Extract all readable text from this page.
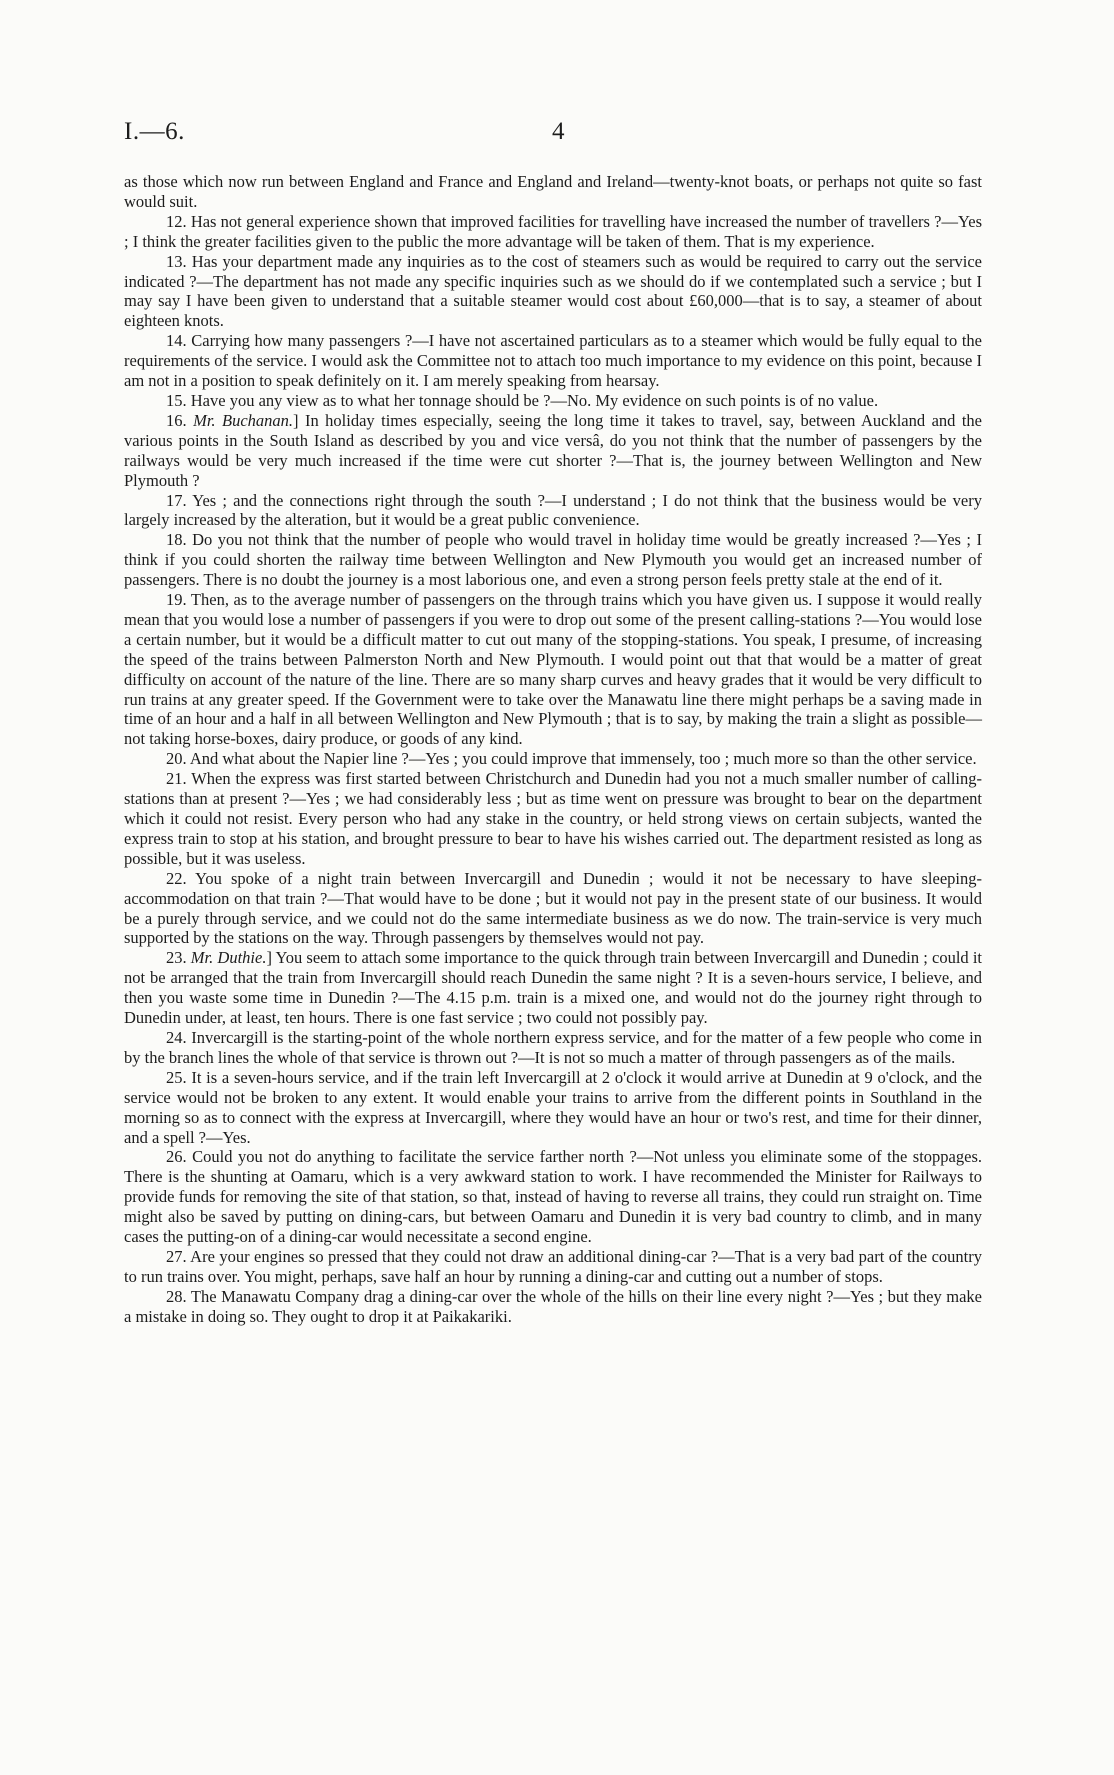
I.—6.	4

as those which now run between England and France and England and Ireland—twenty-knot boats, or perhaps not quite so fast would suit.

12. Has not general experience shown that improved facilities for travelling have increased the number of travellers ?—Yes ; I think the greater facilities given to the public the more advantage will be taken of them. That is my experience.

13. Has your department made any inquiries as to the cost of steamers such as would be required to carry out the service indicated ?—The department has not made any specific inquiries such as we should do if we contemplated such a service ; but I may say I have been given to understand that a suitable steamer would cost about £60,000—that is to say, a steamer of about eighteen knots.

14. Carrying how many passengers ?—I have not ascertained particulars as to a steamer which would be fully equal to the requirements of the service. I would ask the Committee not to attach too much importance to my evidence on this point, because I am not in a position to speak definitely on it. I am merely speaking from hearsay.

15. Have you any view as to what her tonnage should be ?—No. My evidence on such points is of no value.

16. Mr. Buchanan.] In holiday times especially, seeing the long time it takes to travel, say, between Auckland and the various points in the South Island as described by you and vice versâ, do you not think that the number of passengers by the railways would be very much increased if the time were cut shorter ?—That is, the journey between Wellington and New Plymouth ?

17. Yes ; and the connections right through the south ?—I understand ; I do not think that the business would be very largely increased by the alteration, but it would be a great public convenience.

18. Do you not think that the number of people who would travel in holiday time would be greatly increased ?—Yes ; I think if you could shorten the railway time between Wellington and New Plymouth you would get an increased number of passengers. There is no doubt the journey is a most laborious one, and even a strong person feels pretty stale at the end of it.

19. Then, as to the average number of passengers on the through trains which you have given us. I suppose it would really mean that you would lose a number of passengers if you were to drop out some of the present calling-stations ?—You would lose a certain number, but it would be a difficult matter to cut out many of the stopping-stations. You speak, I presume, of increasing the speed of the trains between Palmerston North and New Plymouth. I would point out that that would be a matter of great difficulty on account of the nature of the line. There are so many sharp curves and heavy grades that it would be very difficult to run trains at any greater speed. If the Government were to take over the Manawatu line there might perhaps be a saving made in time of an hour and a half in all between Wellington and New Plymouth ; that is to say, by making the train a slight as possible—not taking horse-boxes, dairy produce, or goods of any kind.

20. And what about the Napier line ?—Yes ; you could improve that immensely, too ; much more so than the other service.

21. When the express was first started between Christchurch and Dunedin had you not a much smaller number of calling-stations than at present ?—Yes ; we had considerably less ; but as time went on pressure was brought to bear on the department which it could not resist. Every person who had any stake in the country, or held strong views on certain subjects, wanted the express train to stop at his station, and brought pressure to bear to have his wishes carried out. The department resisted as long as possible, but it was useless.

22. You spoke of a night train between Invercargill and Dunedin ; would it not be necessary to have sleeping-accommodation on that train ?—That would have to be done ; but it would not pay in the present state of our business. It would be a purely through service, and we could not do the same intermediate business as we do now. The train-service is very much supported by the stations on the way. Through passengers by themselves would not pay.

23. Mr. Duthie.] You seem to attach some importance to the quick through train between Invercargill and Dunedin ; could it not be arranged that the train from Invercargill should reach Dunedin the same night ? It is a seven-hours service, I believe, and then you waste some time in Dunedin ?—The 4.15 p.m. train is a mixed one, and would not do the journey right through to Dunedin under, at least, ten hours. There is one fast service ; two could not possibly pay.

24. Invercargill is the starting-point of the whole northern express service, and for the matter of a few people who come in by the branch lines the whole of that service is thrown out ?—It is not so much a matter of through passengers as of the mails.

25. It is a seven-hours service, and if the train left Invercargill at 2 o'clock it would arrive at Dunedin at 9 o'clock, and the service would not be broken to any extent. It would enable your trains to arrive from the different points in Southland in the morning so as to connect with the express at Invercargill, where they would have an hour or two's rest, and time for their dinner, and a spell ?—Yes.

26. Could you not do anything to facilitate the service farther north ?—Not unless you eliminate some of the stoppages. There is the shunting at Oamaru, which is a very awkward station to work. I have recommended the Minister for Railways to provide funds for removing the site of that station, so that, instead of having to reverse all trains, they could run straight on. Time might also be saved by putting on dining-cars, but between Oamaru and Dunedin it is very bad country to climb, and in many cases the putting-on of a dining-car would necessitate a second engine.

27. Are your engines so pressed that they could not draw an additional dining-car ?—That is a very bad part of the country to run trains over. You might, perhaps, save half an hour by running a dining-car and cutting out a number of stops.

28. The Manawatu Company drag a dining-car over the whole of the hills on their line every night ?—Yes ; but they make a mistake in doing so. They ought to drop it at Paikakariki.
